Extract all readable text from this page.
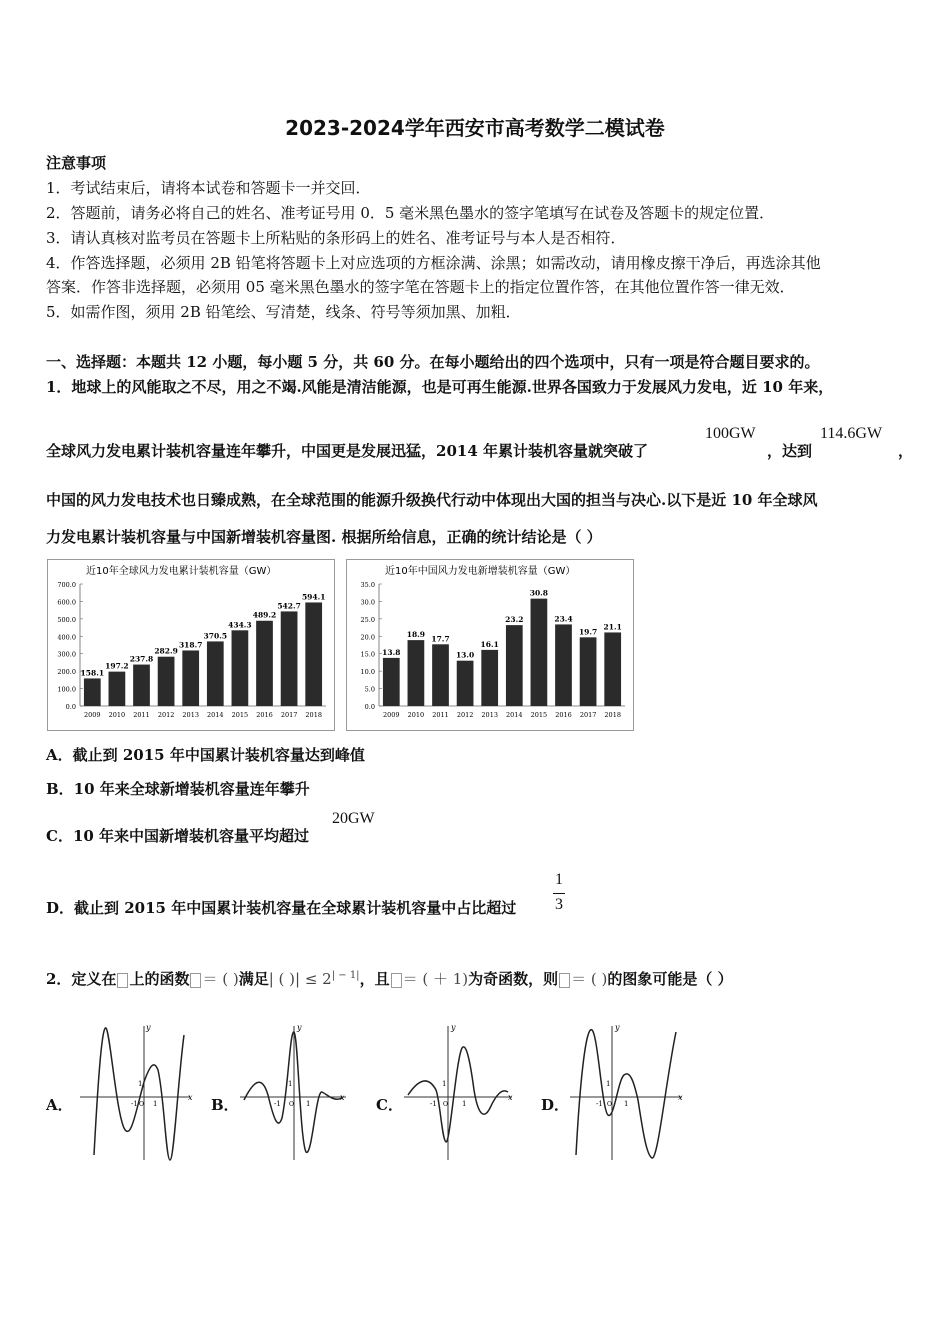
2023-2024学年西安市高考数学二模试卷
注意事项
1．考试结束后，请将本试卷和答题卡一并交回．
2．答题前，请务必将自己的姓名、准考证号用 0．5 毫米黑色墨水的签字笔填写在试卷及答题卡的规定位置．
3．请认真核对监考员在答题卡上所粘贴的条形码上的姓名、准考证号与本人是否相符．
4．作答选择题，必须用 2B 铅笔将答题卡上对应选项的方框涂满、涂黑；如需改动，请用橡皮擦干净后，再选涂其他
答案．作答非选择题，必须用 05 毫米黑色墨水的签字笔在答题卡上的指定位置作答，在其他位置作答一律无效．
5．如需作图，须用 2B 铅笔绘、写清楚，线条、符号等须加黑、加粗．
一、选择题：本题共 12 小题，每小题 5 分，共 60 分。在每小题给出的四个选项中，只有一项是符合题目要求的。
1．地球上的风能取之不尽，用之不竭.风能是清洁能源，也是可再生能源.世界各国致力于发展风力发电，近 10 年来，
全球风力发电累计装机容量连年攀升，中国更是发展迅猛，2014 年累计装机容量就突破了
100GW
，达到
114.6GW
，
中国的风力发电技术也日臻成熟，在全球范围的能源升级换代行动中体现出大国的担当与决心.以下是近 10 年全球风
力发电累计装机容量与中国新增装机容量图. 根据所给信息，正确的统计结论是（ ）
近10年全球风力发电累计装机容量（GW）
0.0
100.0
200.0
300.0
400.0
500.0
600.0
700.0
158.1
2009
197.2
2010
237.8
2011
282.9
2012
318.7
2013
370.5
2014
434.3
2015
489.2
2016
542.7
2017
594.1
2018
近10年中国风力发电新增装机容量（GW）
0.0
5.0
10.0
15.0
20.0
25.0
30.0
35.0
13.8
2009
18.9
2010
17.7
2011
13.0
2012
16.1
2013
23.2
2014
30.8
2015
23.4
2016
19.7
2017
21.1
2018
A．截止到 2015 年中国累计装机容量达到峰值
B．10 年来全球新增装机容量连年攀升
C．10 年来中国新增装机容量平均超过
20GW
D．截止到 2015 年中国累计装机容量在全球累计装机容量中占比超过
1
3
2．定义在 上的函数 ＝ ( )满足| ( )| ≤ $2^{| - 1|}$，且 ＝ ( ＋ 1)为奇函数，则 ＝ ( )的图象可能是（ ）
A．	x
y
-1 O 1
1
B．	x
y
-1 O 1
1
C．	x
y
-1 O 1
1
D．	x
y
-1 O 1
1
